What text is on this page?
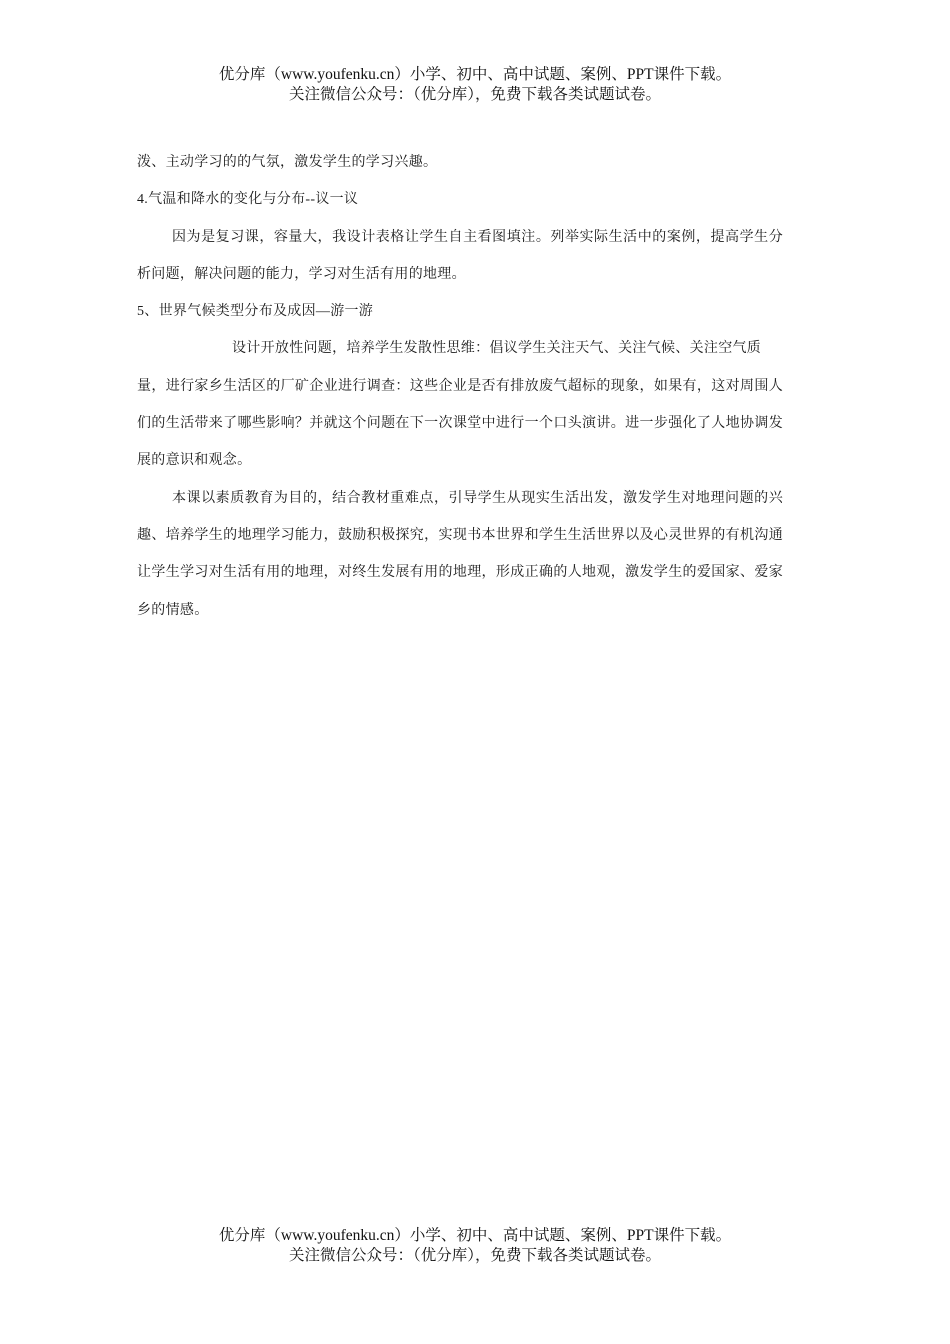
优分库（www.youfenku.cn）小学、初中、高中试题、案例、PPT课件下载。
关注微信公众号：（优分库），免费下载各类试题试卷。
泼、主动学习的的气氛，激发学生的学习兴趣。
4.气温和降水的变化与分布--议一议
因为是复习课，容量大，我设计表格让学生自主看图填注。列举实际生活中的案例，提高学生分
析问题，解决问题的能力，学习对生活有用的地理。
5、世界气候类型分布及成因—游一游
设计开放性问题，培养学生发散性思维：倡议学生关注天气、关注气候、关注空气质
量，进行家乡生活区的厂矿企业进行调查：这些企业是否有排放废气超标的现象，如果有，这对周围人
们的生活带来了哪些影响？并就这个问题在下一次课堂中进行一个口头演讲。进一步强化了人地协调发
展的意识和观念。
本课以素质教育为目的，结合教材重难点，引导学生从现实生活出发，激发学生对地理问题的兴
趣、培养学生的地理学习能力，鼓励积极探究，实现书本世界和学生生活世界以及心灵世界的有机沟通
让学生学习对生活有用的地理，对终生发展有用的地理，形成正确的人地观，激发学生的爱国家、爱家
乡的情感。
优分库（www.youfenku.cn）小学、初中、高中试题、案例、PPT课件下载。
关注微信公众号：（优分库），免费下载各类试题试卷。
